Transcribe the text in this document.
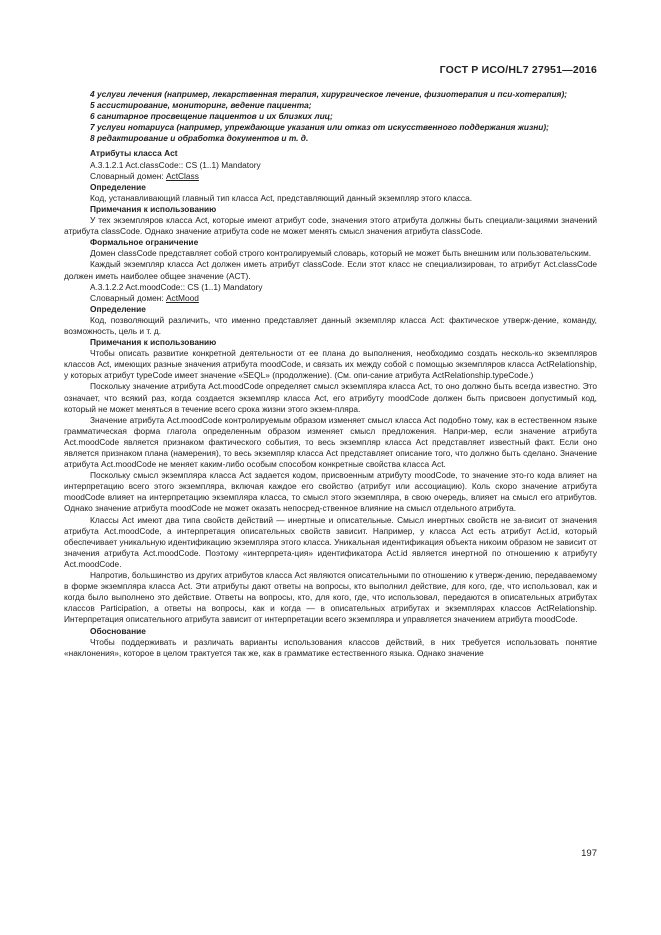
ГОСТ Р ИСО/HL7 27951—2016

4 услуги лечения (например, лекарственная терапия, хирургическое лечение, физиотерапия и пси-хотерапия);

5 ассистирование, мониторинг, ведение пациента;

6 санитарное просвещение пациентов и их близких лиц;

7 услуги нотариуса (например, упреждающие указания или отказ от искусственного поддержания жизни);

8 редактирование и обработка документов и т. д.

Атрибуты класса Act

A.3.1.2.1 Act.classCode:: CS (1..1) Mandatory

Словарный домен: ActClass

Определение

Код, устанавливающий главный тип класса Act, представляющий данный экземпляр этого класса.

Примечания к использованию

У тех экземпляров класса Act, которые имеют атрибут code, значения этого атрибута должны быть специали-зациями значений атрибута classCode. Однако значение атрибута code не может менять смысл значения атрибута classCode.

Формальное ограничение

Домен classCode представляет собой строго контролируемый словарь, который не может быть внешним или пользовательским.

Каждый экземпляр класса Act должен иметь атрибут classCode. Если этот класс не специализирован, то атрибут Act.classCode должен иметь наиболее общее значение (ACT).

A.3.1.2.2 Act.moodCode:: CS (1..1) Mandatory

Словарный домен: ActMood

Определение

Код, позволяющий различить, что именно представляет данный экземпляр класса Act: фактическое утверж-дение, команду, возможность, цель и т. д.

Примечания к использованию

Чтобы описать развитие конкретной деятельности от ее плана до выполнения, необходимо создать несколь-ко экземпляров классов Act, имеющих разные значения атрибута moodCode, и связать их между собой с помощью экземпляров класса ActRelationship, у которых атрибут typeCode имеет значение «SEQL» (продолжение). (См. опи-сание атрибута ActRelationship.typeCode.)

Поскольку значение атрибута Act.moodCode определяет смысл экземпляра класса Act, то оно должно быть всегда известно. Это означает, что всякий раз, когда создается экземпляр класса Act, его атрибуту moodCode должен быть присвоен допустимый код, который не может меняться в течение всего срока жизни этого экзем-пляра.

Значение атрибута Act.moodCode контролируемым образом изменяет смысл класса Act подобно тому, как в естественном языке грамматическая форма глагола определенным образом изменяет смысл предложения. Напри-мер, если значение атрибута Act.moodCode является признаком фактического события, то весь экземпляр класса Act представляет известный факт. Если оно является признаком плана (намерения), то весь экземпляр класса Act представляет описание того, что должно быть сделано. Значение атрибута Act.moodCode не меняет каким-либо особым способом конкретные свойства класса Act.

Поскольку смысл экземпляра класса Act задается кодом, присвоенным атрибуту moodCode, то значение это-го кода влияет на интерпретацию всего этого экземпляра, включая каждое его свойство (атрибут или ассоциацию). Коль скоро значение атрибута moodCode влияет на интерпретацию экземпляра класса, то смысл этого экземпляра, в свою очередь, влияет на смысл его атрибутов. Однако значение атрибута moodCode не может оказать непосред-ственное влияние на смысл отдельного атрибута.

Классы Act имеют два типа свойств действий — инертные и описательные. Смысл инертных свойств не за-висит от значения атрибута Act.moodCode, а интерпретация описательных свойств зависит. Например, у класса Act есть атрибут Act.id, который обеспечивает уникальную идентификацию экземпляра этого класса. Уникальная идентификация объекта никоим образом не зависит от значения атрибута Act.moodCode. Поэтому «интерпрета-ция» идентификатора Act.id является инертной по отношению к атрибуту Act.moodCode.

Напротив, большинство из других атрибутов класса Act являются описательными по отношению к утверж-дению, передаваемому в форме экземпляра класса Act. Эти атрибуты дают ответы на вопросы, кто выполнил действие, для кого, где, что использовал, как и когда было выполнено это действие. Ответы на вопросы, кто, для кого, где, что использовал, передаются в описательных атрибутах классов Participation, а ответы на вопросы, как и когда — в описательных атрибутах и экземплярах классов ActRelationship. Интерпретация описательного атрибута зависит от интерпретации всего экземпляра и управляется значением атрибута moodCode.

Обоснование

Чтобы поддерживать и различать варианты использования классов действий, в них требуется использовать понятие «наклонения», которое в целом трактуется так же, как в грамматике естественного языка. Однако значение

197
